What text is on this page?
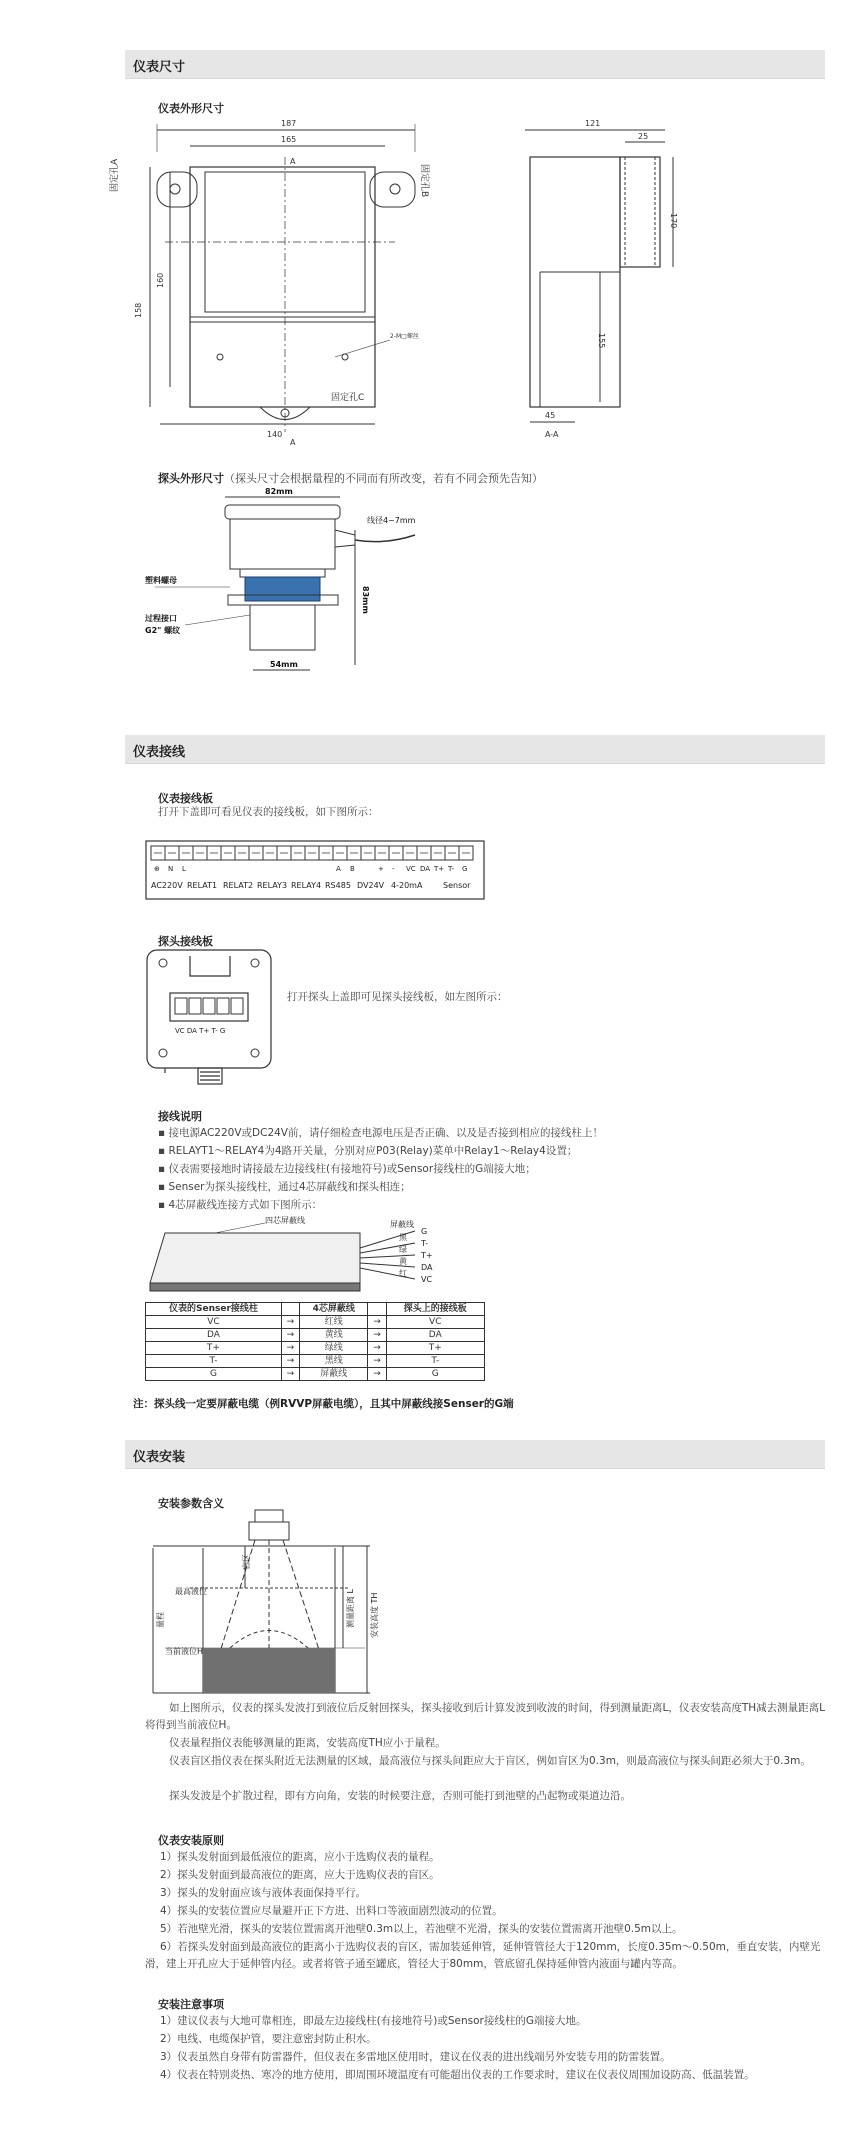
仪表尺寸
仪表外形尺寸
187
165
A
A
121
25
140
45
A-A
固定孔C
2-M□螺丝
158
160
170
155
固定孔A	固定孔B
探头外形尺寸（探头尺寸会根据量程的不同而有所改变，若有不同会预先告知）
82mm
54mm
线径4~7mm
塑料螺母
过程接口
G2" 螺纹
83mm
仪表接线
仪表接线板
打开下盖即可看见仪表的接线板，如下图所示：
⊕ N L	A B	+ - VC DA T+ T- G
AC220V RELAT1 RELAT2 RELAY3 RELAY4 RS485 DV24V 4-20mA	Sensor
探头接线板
VC DA T+ T- G
打开探头上盖即可见探头接线板，如左图所示：
接线说明
▪ 接电源AC220V或DC24V前，请仔细检查电源电压是否正确、以及是否接到相应的接线柱上！
▪ RELAYT1～RELAY4为4路开关量，分别对应P03(Relay)菜单中Relay1～Relay4设置；
▪ 仪表需要接地时请接最左边接线柱(有接地符号)或Sensor接线柱的G端接大地；
▪ Senser为探头接线柱，通过4芯屏蔽线和探头相连；
▪ 4芯屏蔽线连接方式如下图所示：
四芯屏蔽线	屏蔽线
黑
绿
黄
红
G
T-
T+
DA
VC
仪表的Senser接线柱		4芯屏蔽线		探头上的接线板
VC	→	红线	→	VC
DA	→	黄线	→	DA
T+	→	绿线	→	T+
T-	→	黑线	→	T-
G	→	屏蔽线	→	G
注：探头线一定要屏蔽电缆（例RVVP屏蔽电缆），且其中屏蔽线接Senser的G端
仪表安装
安装参数含义
最高液位
当前液位H
盲区
量程	测量距离 L 安装高度 TH
如上图所示，仪表的探头发波打到液位后反射回探头，探头接收到后计算发波到收波的时间，得到测量距离L，仪表安装高度TH减去测量距离L将得到当前液位H。
仪表量程指仪表能够测量的距离，安装高度TH应小于量程。
仪表盲区指仪表在探头附近无法测量的区域，最高液位与探头间距应大于盲区，例如盲区为0.3m，则最高液位与探头间距必须大于0.3m。
探头发波是个扩散过程，即有方向角，安装的时候要注意，否则可能打到池壁的凸起物或渠道边沿。
仪表安装原则
1）探头发射面到最低液位的距离，应小于选购仪表的量程。
2）探头发射面到最高液位的距离，应大于选购仪表的盲区。
3）探头的发射面应该与液体表面保持平行。
4）探头的安装位置应尽量避开正下方进、出料口等液面剧烈波动的位置。
5）若池壁光滑，探头的安装位置需离开池壁0.3m以上，若池壁不光滑，探头的安装位置需离开池壁0.5m以上。
6）若探头发射面到最高液位的距离小于选购仪表的盲区，需加装延伸管，延伸管管径大于120mm，长度0.35m～0.50m，垂直安装，内壁光滑，建上开孔应大于延伸管内径。或者将管子通至罐底，管径大于80mm，管底留孔保持延伸管内液面与罐内等高。
安装注意事项
1）建议仪表与大地可靠相连，即最左边接线柱(有接地符号)或Sensor接线柱的G端接大地。
2）电线、电缆保护管，要注意密封防止积水。
3）仪表虽然自身带有防雷器件，但仪表在多雷地区使用时，建议在仪表的进出线端另外安装专用的防雷装置。
4）仪表在特别炎热、寒冷的地方使用，即周围环境温度有可能超出仪表的工作要求时，建议在仪表仪周围加设防高、低温装置。
